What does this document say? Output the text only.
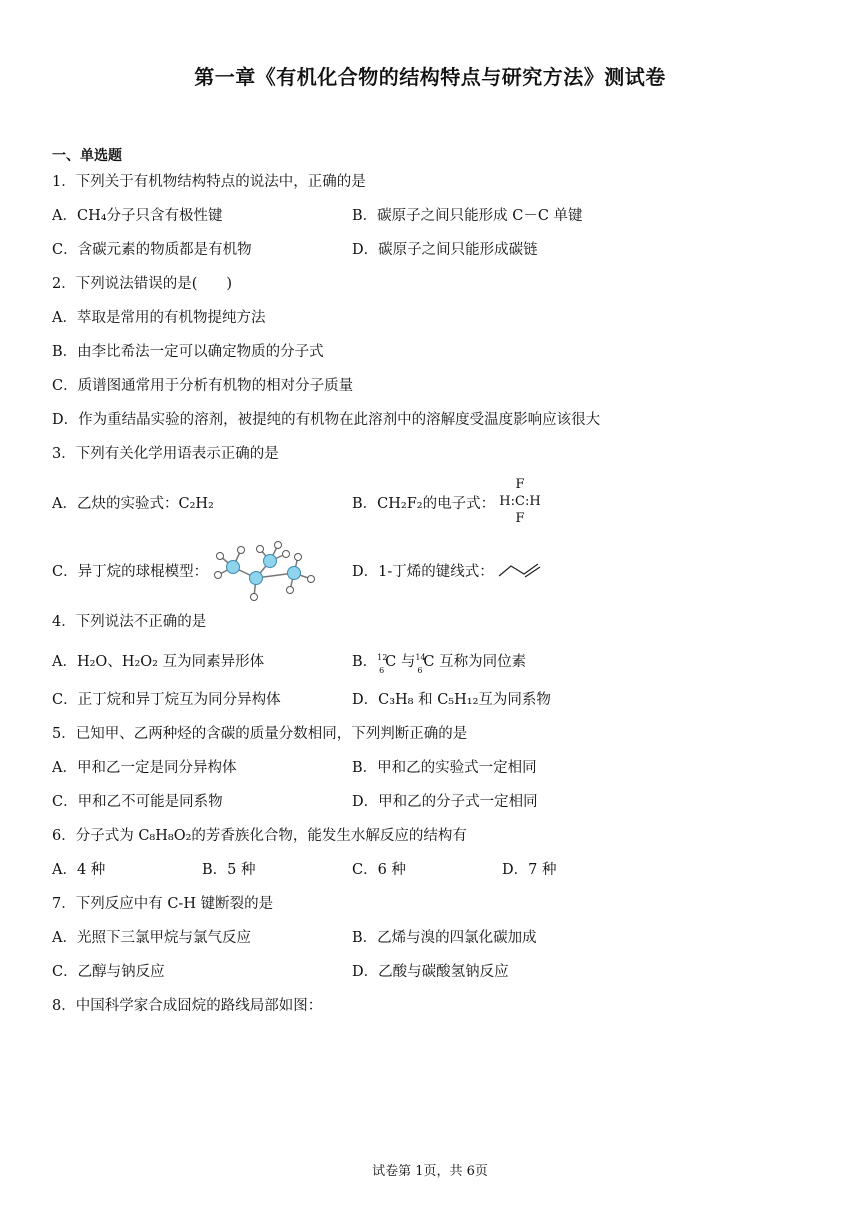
第一章《有机化合物的结构特点与研究方法》测试卷
一、单选题
1．下列关于有机物结构特点的说法中，正确的是
A．CH₄分子只含有极性键	B．碳原子之间只能形成 C－C 单键
C．含碳元素的物质都是有机物	D．碳原子之间只能形成碳链
2．下列说法错误的是(　　)
A．萃取是常用的有机物提纯方法
B．由李比希法一定可以确定物质的分子式
C．质谱图通常用于分析有机物的相对分子质量
D．作为重结晶实验的溶剂，被提纯的有机物在此溶剂中的溶解度受温度影响应该很大
3．下列有关化学用语表示正确的是
A．乙炔的实验式：C₂H₂	B．CH₂F₂的电子式：
F
H:C:H
F
C．异丁烷的球棍模型：	D．1-丁烯的键线式：
4．下列说法不正确的是
A．H₂O、H₂O₂ 互为同素异形体	B． 12
6
C 与 14
6
C 互称为同位素
C．正丁烷和异丁烷互为同分异构体	D．C₃H₈ 和 C₅H₁₂互为同系物
5．已知甲、乙两种烃的含碳的质量分数相同，下列判断正确的是
A．甲和乙一定是同分异构体	B．甲和乙的实验式一定相同
C．甲和乙不可能是同系物	D．甲和乙的分子式一定相同
6．分子式为 C₈H₈O₂的芳香族化合物，能发生水解反应的结构有
A．4 种	B．5 种	C．6 种	D．7 种
7．下列反应中有 C-H 键断裂的是
A．光照下三氯甲烷与氯气反应	B．乙烯与溴的四氯化碳加成
C．乙醇与钠反应	D．乙酸与碳酸氢钠反应
8．中国科学家合成囧烷的路线局部如图：
试卷第 1页，共 6页
